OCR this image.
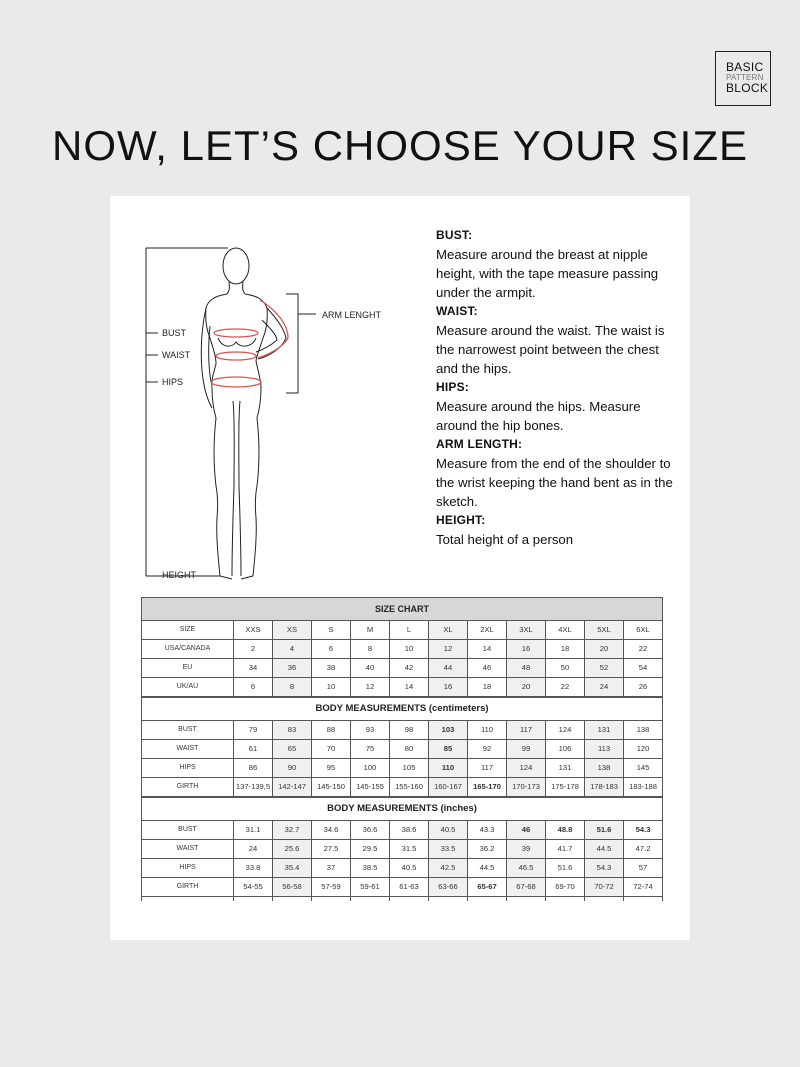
BASIC
PATTERN
BLOCK
NOW, LET’S CHOOSE YOUR SIZE
BUST
WAIST
HIPS
HEIGHT
ARM LENGHT
BUST:

Measure around the breast at nipple height, with the tape measure passing under the armpit.

WAIST:

Measure around the waist. The waist is the narrowest point between the chest and the hips.

HIPS:

Measure around the hips. Measure around the hip bones.

ARM LENGTH:

Measure from the end of the shoulder to the wrist keeping the hand bent as in the sketch.

HEIGHT:

Total height of a person

SIZE CHART											
SIZE	XXS	XS	S	M	L	XL	2XL	3XL	4XL	5XL	6XL
USA/CANADA	2	4	6	8	10	12	14	16	18	20	22
EU	34	36	38	40	42	44	46	48	50	52	54
UK/AU	6	8	10	12	14	16	18	20	22	24	26
BODY MEASUREMENTS (centimeters)											
BUST	79	83	88	93	98	103	110	117	124	131	138
WAIST	61	65	70	75	80	85	92	99	106	113	120
HIPS	86	90	95	100	105	110	117	124	131	138	145
GIRTH	137-139,5	142-147	145-150	145-155	155-160	160-167	165-170	170-173	175-178	178-183	183-188
BODY MEASUREMENTS (inches)											
BUST	31.1	32.7	34.6	36.6	38.6	40.5	43.3	46	48.8	51.6	54.3
WAIST	24	25.6	27.5	29.5	31.5	33.5	36.2	39	41.7	44.5	47.2
HIPS	33.8	35.4	37	38.5	40.5	42.5	44.5	46.5	51.6	54.3	57
GIRTH	54-55	56-58	57-59	59-61	61-63	63-66	65-67	67-68	69-70	70-72	72-74
